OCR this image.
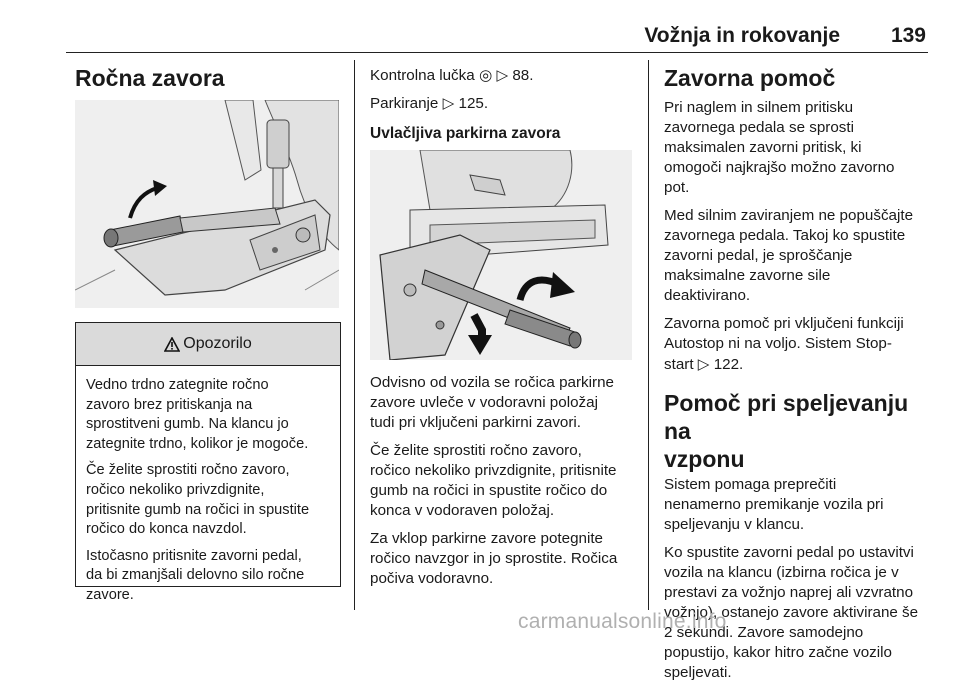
Vožnja in rokovanje 139
Ročna zavora
Opozorilo

Vedno trdno zategnite ročno
zavoro brez pritiskanja na
sprostitveni gumb. Na klancu jo
zategnite trdno, kolikor je mogoče.

Če želite sprostiti ročno zavoro,
ročico nekoliko privzdignite,
pritisnite gumb na ročici in spustite
ročico do konca navzdol.

Istočasno pritisnite zavorni pedal,
da bi zmanjšali delovno silo ročne
zavore.

Kontrolna lučka ◎ ▷ 88.

Parkiranje ▷ 125.

Uvlačljiva parkirna zavora

Odvisno od vozila se ročica parkirne
zavore uvleče v vodoravni položaj
tudi pri vključeni parkirni zavori.

Če želite sprostiti ročno zavoro,
ročico nekoliko privzdignite, pritisnite
gumb na ročici in spustite ročico do
konca v vodoraven položaj.

Za vklop parkirne zavore potegnite
ročico navzgor in jo sprostite. Ročica
počiva vodoravno.

Zavorna pomoč

Pri naglem in silnem pritisku
zavornega pedala se sprosti
maksimalen zavorni pritisk, ki
omogoči najkrajšo možno zavorno
pot.

Med silnim zaviranjem ne popuščajte
zavornega pedala. Takoj ko spustite
zavorni pedal, je sproščanje
maksimalne zavorne sile
deaktivirano.

Zavorna pomoč pri vključeni funkciji
Autostop ni na voljo. Sistem Stop-
start ▷ 122.

Pomoč pri speljevanju na
vzponu

Sistem pomaga preprečiti
nenamerno premikanje vozila pri
speljevanju v klancu.

Ko spustite zavorni pedal po ustavitvi
vozila na klancu (izbirna ročica je v
prestavi za vožnjo naprej ali vzvratno
vožnjo), ostanejo zavore aktivirane še
2 sekundi. Zavore samodejno
popustijo, kakor hitro začne vozilo
speljevati.

carmanualsonline.info
